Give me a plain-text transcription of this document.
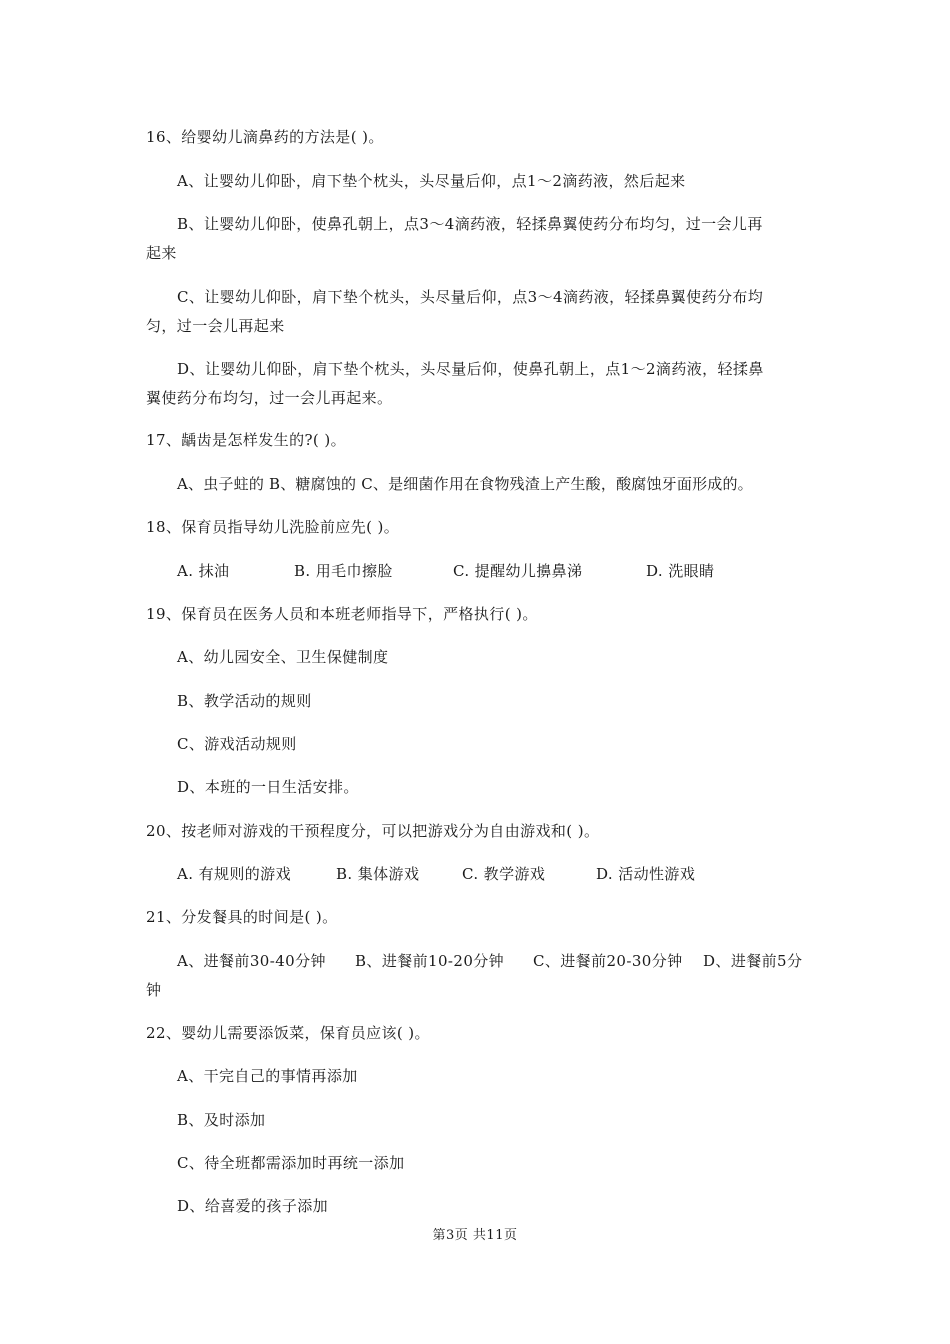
16、给婴幼儿滴鼻药的方法是( )。

A、让婴幼儿仰卧，肩下垫个枕头，头尽量后仰，点1～2滴药液，然后起来

B、让婴幼儿仰卧，使鼻孔朝上，点3～4滴药液，轻揉鼻翼使药分布均匀，过一会儿再

起来

C、让婴幼儿仰卧，肩下垫个枕头，头尽量后仰，点3～4滴药液，轻揉鼻翼使药分布均

匀，过一会儿再起来

D、让婴幼儿仰卧，肩下垫个枕头，头尽量后仰，使鼻孔朝上，点1～2滴药液，轻揉鼻

翼使药分布均匀，过一会儿再起来。

17、龋齿是怎样发生的?( )。

A、虫子蛀的 B、糖腐蚀的 C、是细菌作用在食物残渣上产生酸，酸腐蚀牙面形成的。

18、保育员指导幼儿洗脸前应先( )。

A. 抹油	B. 用毛巾擦脸	C. 提醒幼儿擤鼻涕	D. 洗眼睛

19、保育员在医务人员和本班老师指导下，严格执行( )。

A、幼儿园安全、卫生保健制度

B、教学活动的规则

C、游戏活动规则

D、本班的一日生活安排。

20、按老师对游戏的干预程度分，可以把游戏分为自由游戏和( )。

A. 有规则的游戏	B. 集体游戏	C. 教学游戏	D. 活动性游戏

21、分发餐具的时间是( )。

A、进餐前30-40分钟 B、进餐前10-20分钟 C、进餐前20-30分钟 D、进餐前5分

钟

22、婴幼儿需要添饭菜，保育员应该( )。

A、干完自己的事情再添加

B、及时添加

C、待全班都需添加时再统一添加

D、给喜爱的孩子添加

第3页 共11页
